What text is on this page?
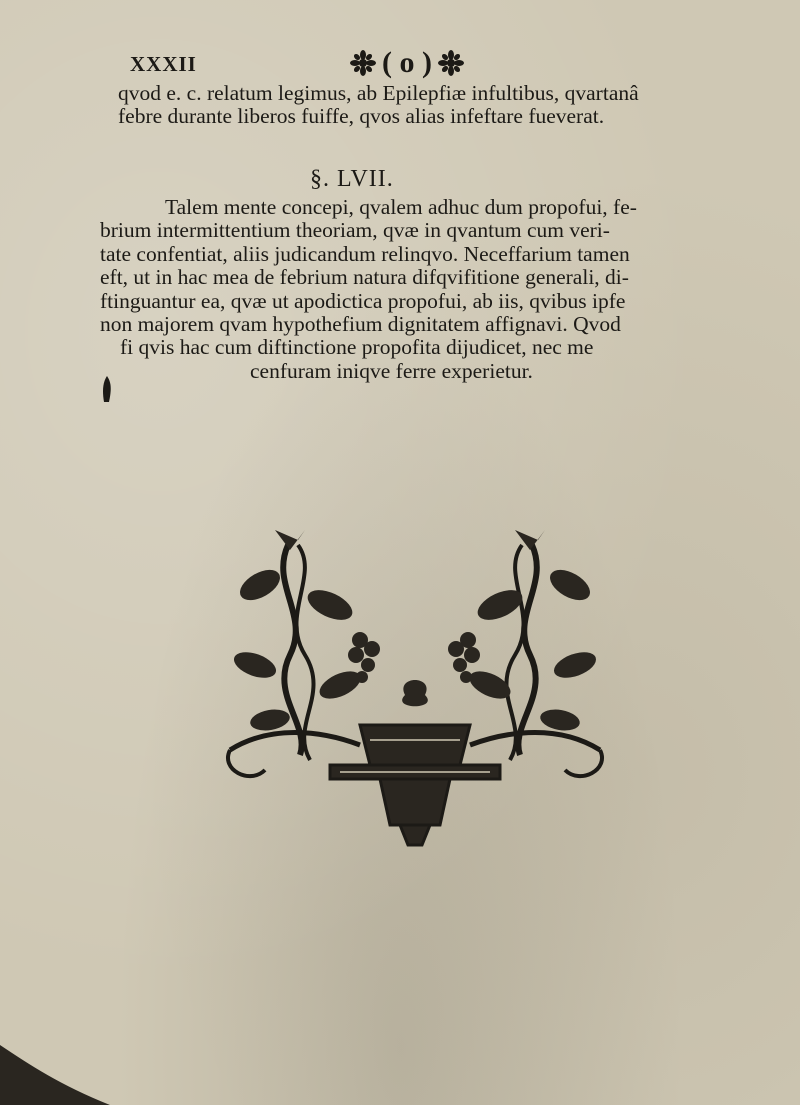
XXXII	( o )
qvod e. c. relatum legimus, ab Epilepfiæ infultibus, qvartanâ
febre durante liberos fuiffe, qvos alias infeftare fueverat.
§. LVII.
Talem mente concepi, qvalem adhuc dum propofui, fe-
brium intermittentium theoriam, qvæ in qvantum cum veri-
tate confentiat, aliis judicandum relinqvo. Neceffarium tamen
eft, ut in hac mea de febrium natura difqvifitione generali, di-
ftinguantur ea, qvæ ut apodictica propofui, ab iis, qvibus ipfe
non majorem qvam hypothefium dignitatem affignavi. Qvod
fi qvis hac cum diftinctione propofita dijudicet, nec me
cenfuram iniqve ferre experietur.
